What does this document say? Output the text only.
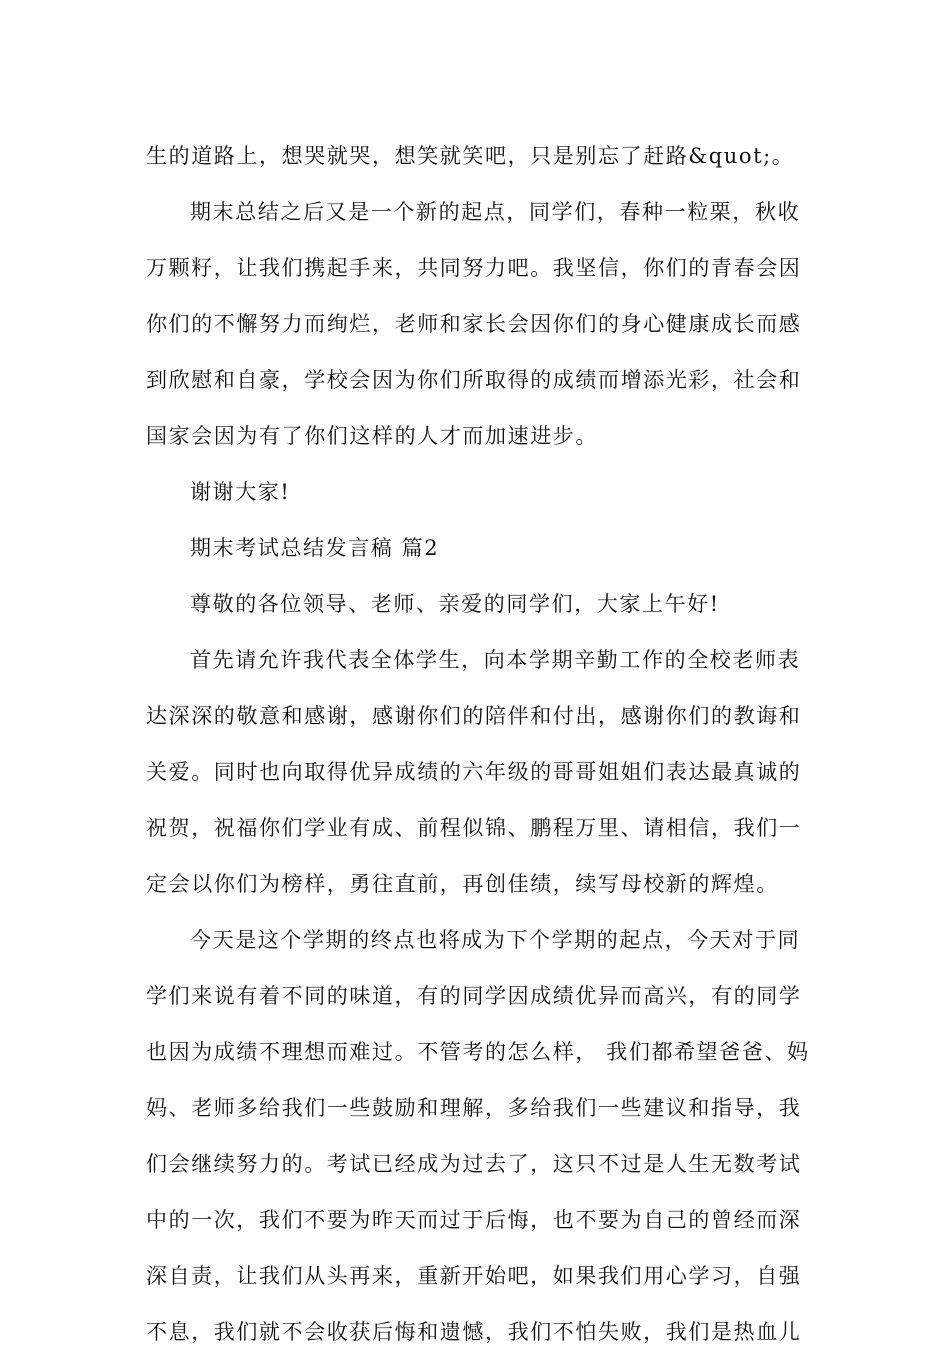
生的道路上，想哭就哭，想笑就笑吧，只是别忘了赶路&quot;。
期末总结之后又是一个新的起点，同学们，春种一粒栗，秋收
万颗籽，让我们携起手来，共同努力吧。我坚信，你们的青春会因
你们的不懈努力而绚烂，老师和家长会因你们的身心健康成长而感
到欣慰和自豪，学校会因为你们所取得的成绩而增添光彩，社会和
国家会因为有了你们这样的人才而加速进步。
谢谢大家!
期末考试总结发言稿 篇2
尊敬的各位领导、老师、亲爱的同学们，大家上午好!
首先请允许我代表全体学生，向本学期辛勤工作的全校老师表
达深深的敬意和感谢，感谢你们的陪伴和付出，感谢你们的教诲和
关爱。同时也向取得优异成绩的六年级的哥哥姐姐们表达最真诚的
祝贺，祝福你们学业有成、前程似锦、鹏程万里、请相信，我们一
定会以你们为榜样，勇往直前，再创佳绩，续写母校新的辉煌。
今天是这个学期的终点也将成为下个学期的起点，今天对于同
学们来说有着不同的味道，有的同学因成绩优异而高兴，有的同学
也因为成绩不理想而难过。不管考的怎么样， 我们都希望爸爸、妈
妈、老师多给我们一些鼓励和理解，多给我们一些建议和指导，我
们会继续努力的。考试已经成为过去了，这只不过是人生无数考试
中的一次，我们不要为昨天而过于后悔，也不要为自己的曾经而深
深自责，让我们从头再来，重新开始吧，如果我们用心学习，自强
不息，我们就不会收获后悔和遗憾，我们不怕失败，我们是热血儿
